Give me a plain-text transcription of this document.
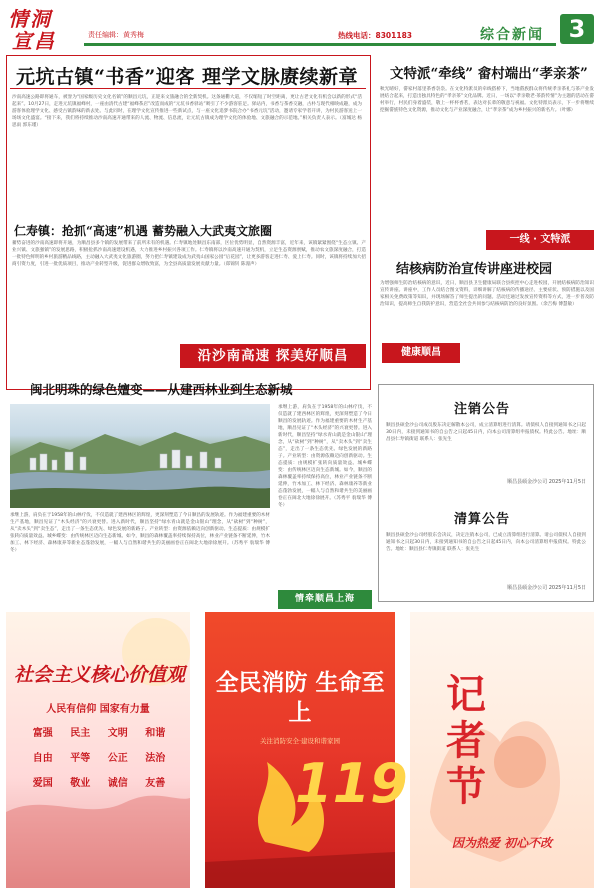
情洞
宣昌	责任编辑：黄秀梅	热线电话：8301183	综合新闻	3
元坑古镇“书香”迎客 理学文脉赓续新章
沙南高速公路即将通车，被誉为“国家级历史文化名镇”的顺昌元坑，正迎来文旅融合的全新契机。这条通衢大道，不仅缩短了时空距离，更让古老文化有机会以新的形式“活起来”。10月27日，走进元坑镇福峰村，一座由清代古建“福峰茶店”改造而成的“元坑书香驿站”吸引了不少游客驻足。驿站内，书香与茶香交融，古朴与现代相映成趣，成为游客体验理学文化、感受古镇韵味的新去处。与此同时，在理学文化宣传推进一些新试点，与一座文化追梦书院合办“书香元坑”活动，邀请专家学者开讲，为村民游客送上一场场文化盛宴。“接下来，我们将持续推动沙南高速开通带来的人流、物流、信息流，让元坑古镇成为理学文化的体验地、文旅融合的示范地。”相关负责人表示。（富城达 杨思雨 郭东瑾）
仁寿镇：抢抓“高速”机遇 蓄势融入大武夷文旅圈
蓄势奋进的沙南高速即将开通，为顺昌县多个镇的发展带来了前所未有的机遇。仁寿镇地处顺昌东南部，区位优势明显，自然资源丰富，近年来，该镇紧紧围绕“生态立镇、产业兴镇、文旅强镇”的发展思路，积极抢抓沙南高速建设机遇，大力推进乡村振兴各项工作。仁寿镇将以沙南高速开通为契机，立足生态资源禀赋，推动农文旅深度融合，打造一批特色鲜明的乡村旅游精品线路，主动融入大武夷文化旅游圈，努力把仁寿镇建设成为武夷山国家公园“后花园”，让更多游客走进仁寿、爱上仁寿。同时，该镇将持续加大招商引资力度，引进一批优质项目，推动产业转型升级，促进群众增收致富，为全县高质量发展贡献力量。（郑锦钊 陈漫声）
沿沙南高速 探美好顺昌
文特派“牵线” 畲村端出“孝亲茶”
秋光晴好，畲家村落里茶香袅袅。在文化特派员的牵线搭桥下，当地畲族群众将传统孝亲茶礼与茶产业发展结合起来，打造出独具特色的“孝亲茶”文化品牌。近日，一场以“孝亲敬老·茶韵传情”为主题的活动在畲村举行，村民们身着盛装，敬上一杯杯香茗，表达对长辈的敬意与祝福。文化特派员表示，下一步将继续挖掘畲族特色文化资源，推动文化与产业深度融合，让“孝亲茶”成为乡村振兴的新名片。（叶娜）
一线 · 文特派
结核病防治宣传讲座进校园
为增强师生防治结核病的意识，近日，顺昌县卫生健康局联合县疾控中心走进校园，开展结核病防治知识宣传讲座。讲座中，工作人员结合图文资料，详细讲解了结核病的传播途径、主要症状、预防措施以及国家相关免费政策等知识，并现场解答了师生提出的问题。活动还通过发放宣传资料等方式，进一步普及防治知识，提高师生自我防护意识，营造全社会共同参与结核病防治的良好氛围。（余吉梅 傅慧敏）
健康顺昌
注销公告
顺昌县硕金沙公司成员股东决定解散本公司，成立清算组进行清算。请债权人自接到通知书之日起30日内，未接到通知书的自公告之日起45日内，向本公司清算组申报债权。特此公告。地址：顺昌县仁寿镇街道 联系人：张先生
顺昌县硕金沙公司 2025年11月5日
清算公告
顺昌县硕金沙公司经股东会决议，决定注销本公司，已成立清算组进行清算。请公司债权人自接到通知书之日起30日内，未接到通知书的自公告之日起45日内，向本公司清算组申报债权。特此公告。地址：顺昌县仁寿镇街道 联系人：张先生
顺昌县硕金沙公司 2025年11月5日
闽北明珠的绿色嬗变——从建西林业到生态新城
承继上游，肩负在于1958年的山林疗伐，不仅造就了建西林区的辉煌，更深刻塑造了今日顺昌的发展轨迹。作为福建重要的木材生产基地，顺昌见证了“木头经济”的兴衰更替。进入新时代，顺昌坚持“绿水青山就是金山银山”理念，从“砍树”到“种树”，从“卖木头”到“卖生态”，走出了一条生态优先、绿色发展的新路子。产业转型：由资源依赖迈向创新驱动。生态提质：由规模扩张转向质量效益。城乡蝶变：由传统林区迈向生态新城。如今，顺昌的森林覆盖率持续保持高位，林业产业链条不断延伸，竹木加工、林下经济、森林康养等新业态蓬勃发展，一幅人与自然和谐共生的美丽画卷正在闽北大地徐徐展开。（苏秀平 翁瑞华 傅冬）
承继上游，肩负在于1958年的山林疗伐，不仅造就了建西林区的辉煌，更深刻塑造了今日顺昌的发展轨迹。作为福建重要的木材生产基地，顺昌见证了“木头经济”的兴衰更替。进入新时代，顺昌坚持“绿水青山就是金山银山”理念，从“砍树”到“种树”，从“卖木头”到“卖生态”，走出了一条生态优先、绿色发展的新路子。产业转型：由资源依赖迈向创新驱动。生态提质：由规模扩张转向质量效益。城乡蝶变：由传统林区迈向生态新城。如今，顺昌的森林覆盖率持续保持高位，林业产业链条不断延伸，竹木加工、林下经济、森林康养等新业态蓬勃发展，一幅人与自然和谐共生的美丽画卷正在闽北大地徐徐展开。（苏秀平 翁瑞华 傅冬）
情牵顺昌上海
社会主义核心价值观
人民有信仰 国家有力量
富强	民主	文明	和谐
自由	平等	公正	法治
爱国	敬业	诚信	友善
全民消防 生命至上
关注消防安全·建设和谐家园
119
记者节
因为热爱 初心不改
